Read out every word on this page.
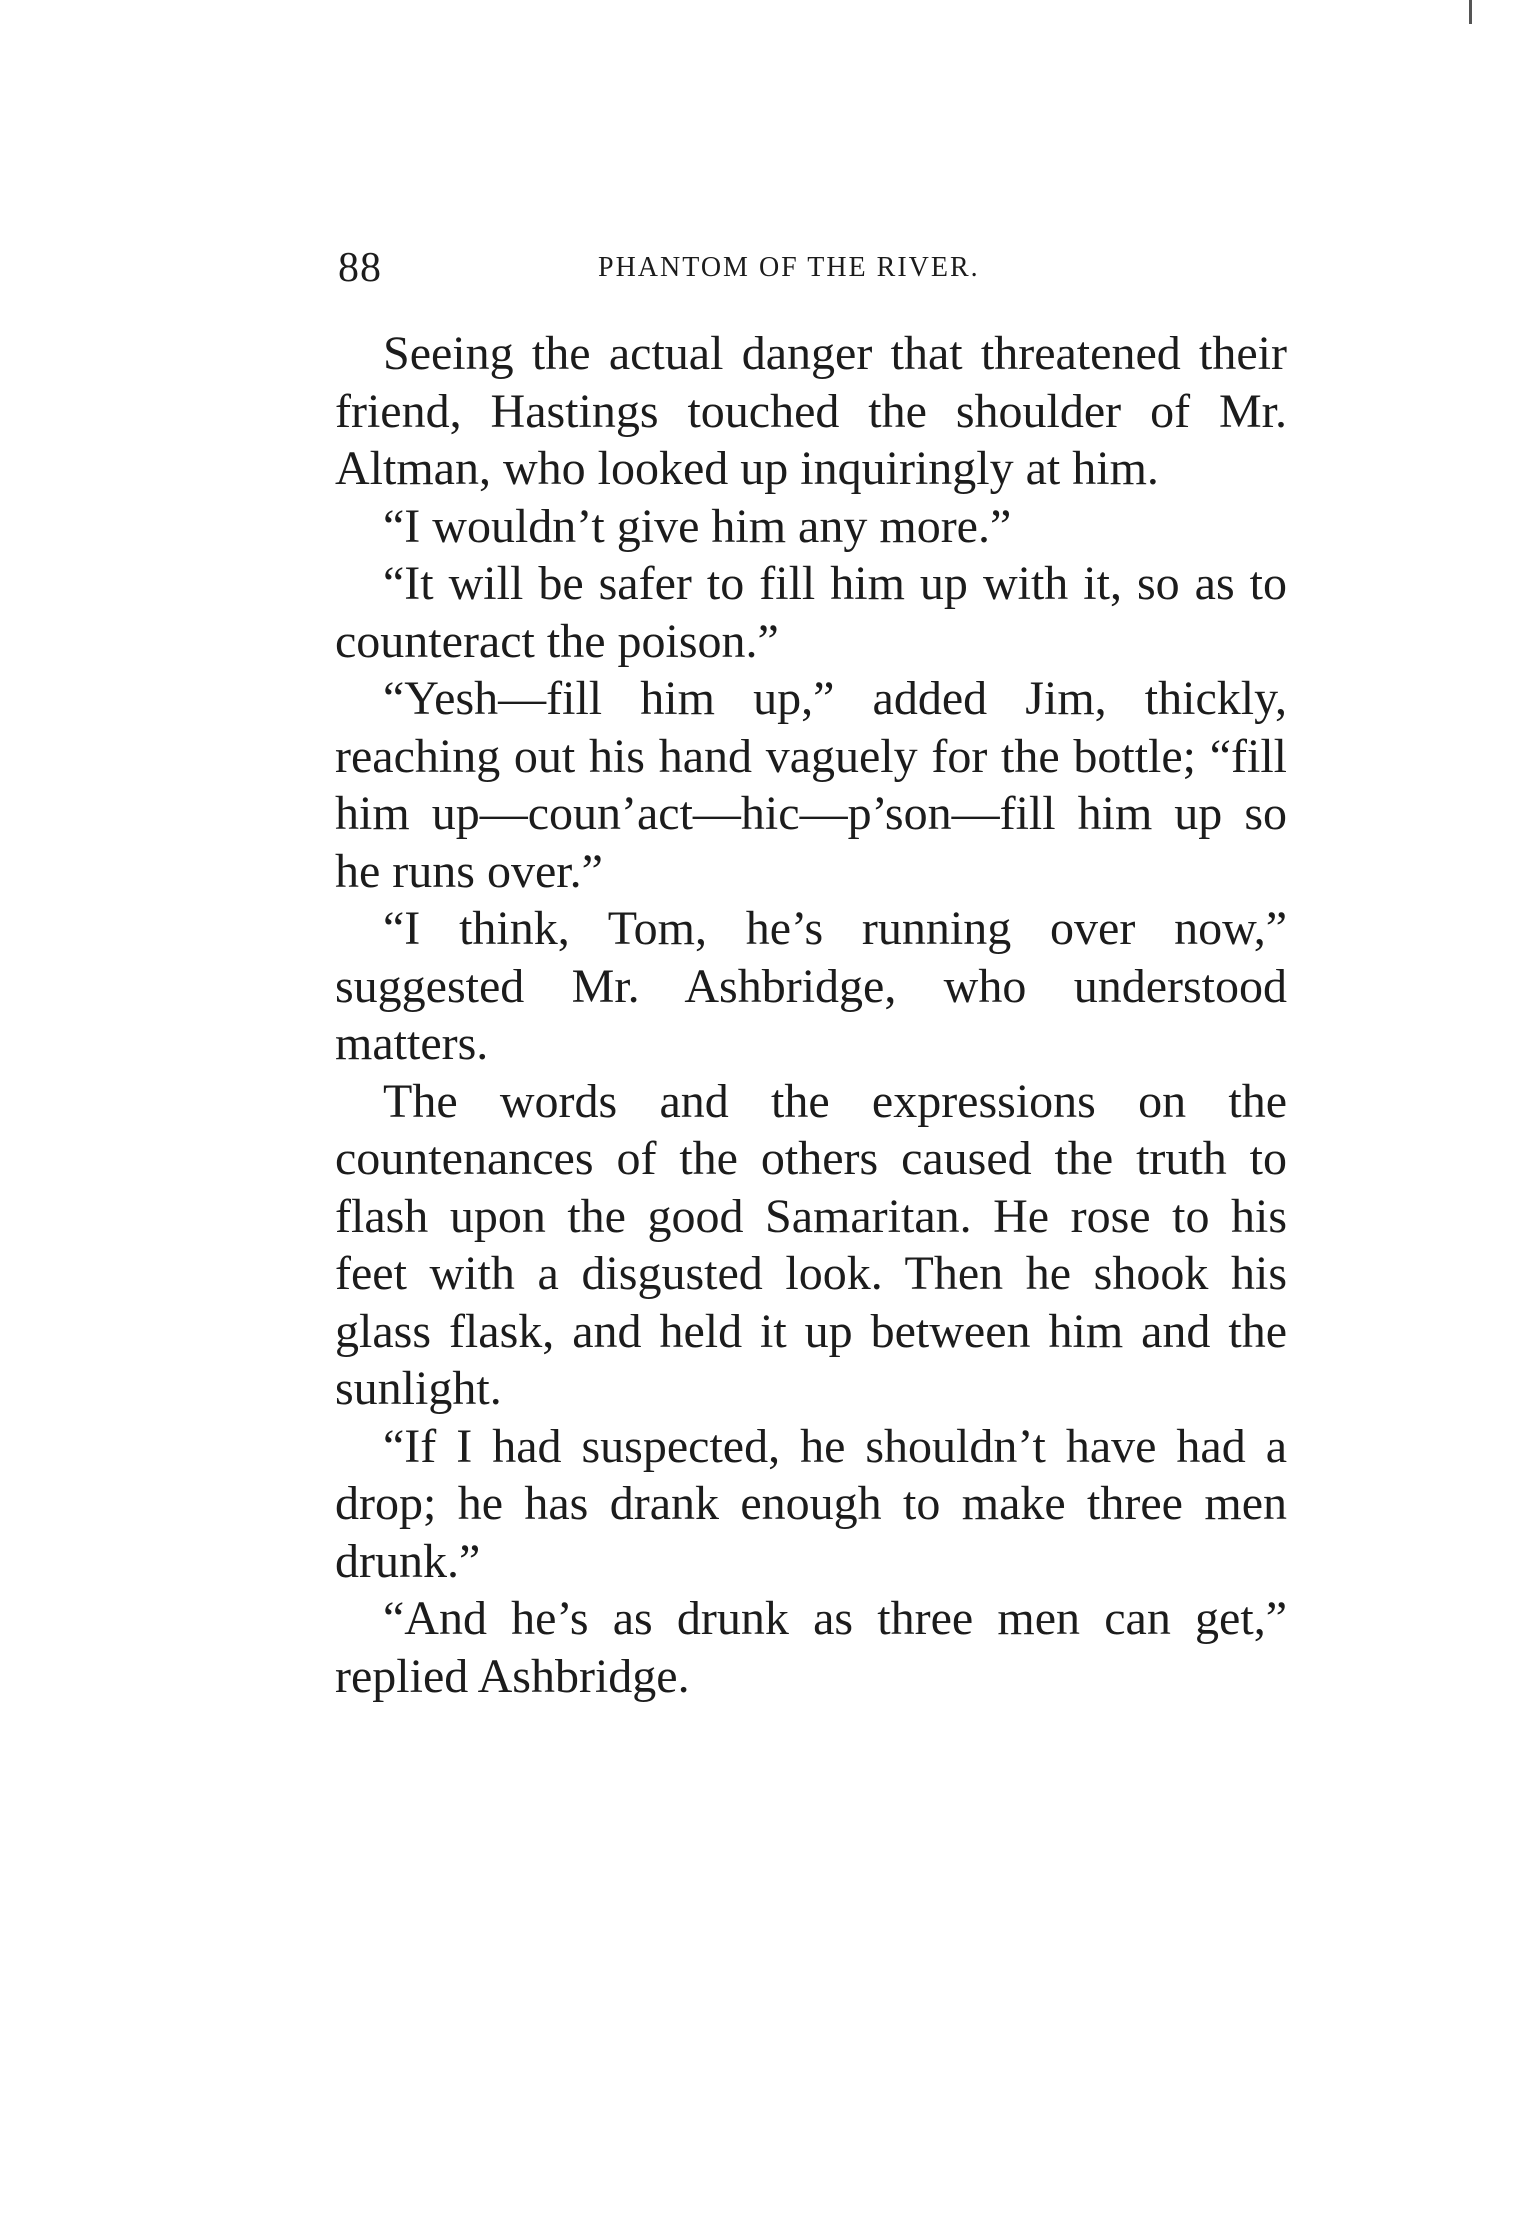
88	PHANTOM OF THE RIVER.

Seeing the actual danger that threatened their friend, Hastings touched the shoulder of Mr. Altman, who looked up inquiringly at him.

“I wouldn’t give him any more.”

“It will be safer to fill him up with it, so as to counteract the poison.”

“Yesh—fill him up,” added Jim, thickly, reaching out his hand vaguely for the bottle; “fill him up—coun’act—hic—p’son—fill him up so he runs over.”

“I think, Tom, he’s running over now,” suggested Mr. Ashbridge, who understood matters.

The words and the expressions on the countenances of the others caused the truth to flash upon the good Samaritan. He rose to his feet with a disgusted look. Then he shook his glass flask, and held it up between him and the sunlight.

“If I had suspected, he shouldn’t have had a drop; he has drank enough to make three men drunk.”

“And he’s as drunk as three men can get,” replied Ashbridge.
